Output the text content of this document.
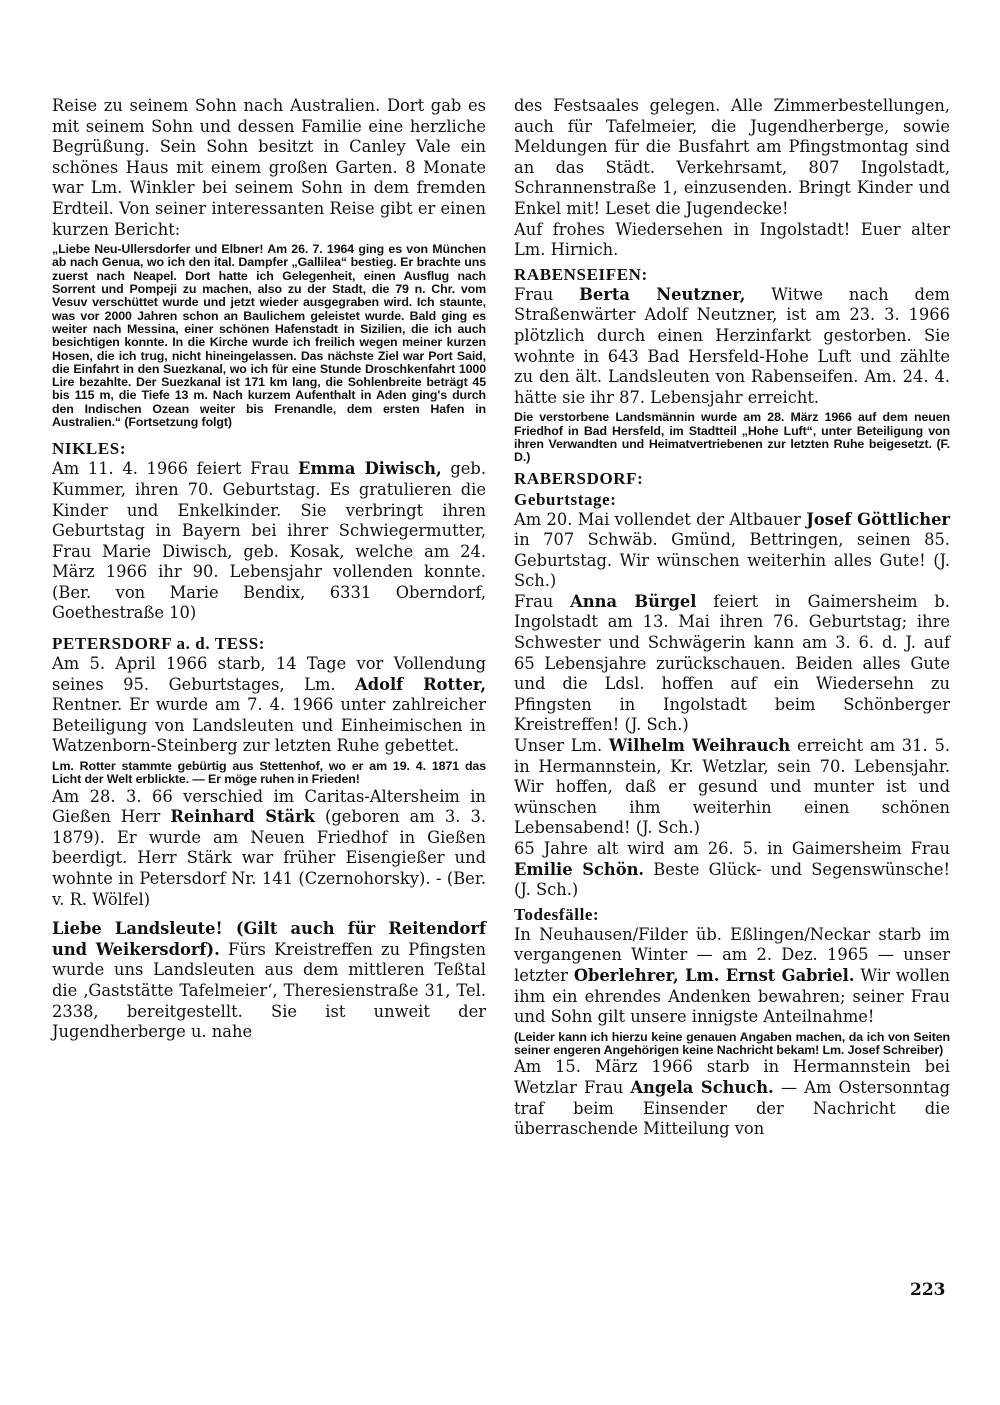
Reise zu seinem Sohn nach Australien. Dort gab es mit seinem Sohn und dessen Familie eine herzliche Begrüßung. Sein Sohn besitzt in Canley Vale ein schönes Haus mit einem großen Garten. 8 Monate war Lm. Winkler bei seinem Sohn in dem fremden Erdteil. Von seiner interessanten Reise gibt er einen kurzen Bericht:

„Liebe Neu-Ullersdorfer und Elbner! Am 26. 7. 1964 ging es von München ab nach Genua, wo ich den ital. Dampfer „Gallilea“ bestieg. Er brachte uns zuerst nach Neapel. Dort hatte ich Gelegenheit, einen Ausflug nach Sorrent und Pompeji zu machen, also zu der Stadt, die 79 n. Chr. vom Vesuv verschüttet wurde und jetzt wieder ausgegraben wird. Ich staunte, was vor 2000 Jahren schon an Baulichem geleistet wurde. Bald ging es weiter nach Messina, einer schönen Hafenstadt in Sizilien, die ich auch besichtigen konnte. In die Kirche wurde ich freilich wegen meiner kurzen Hosen, die ich trug, nicht hineingelassen. Das nächste Ziel war Port Said, die Einfahrt in den Suezkanal, wo ich für eine Stunde Droschkenfahrt 1000 Lire bezahlte. Der Suezkanal ist 171 km lang, die Sohlenbreite beträgt 45 bis 115 m, die Tiefe 13 m. Nach kurzem Aufenthalt in Aden ging's durch den Indischen Ozean weiter bis Frenandle, dem ersten Hafen in Australien.“ (Fortsetzung folgt)

NIKLES:

Am 11. 4. 1966 feiert Frau Emma Diwisch, geb. Kummer, ihren 70. Geburtstag. Es gratulieren die Kinder und Enkelkinder. Sie verbringt ihren Geburtstag in Bayern bei ihrer Schwiegermutter, Frau Marie Diwisch, geb. Kosak, welche am 24. März 1966 ihr 90. Lebensjahr vollenden konnte. (Ber. von Marie Bendix, 6331 Oberndorf, Goethestraße 10)

PETERSDORF a. d. TESS:

Am 5. April 1966 starb, 14 Tage vor Vollendung seines 95. Geburtstages, Lm. Adolf Rotter, Rentner. Er wurde am 7. 4. 1966 unter zahlreicher Beteiligung von Landsleuten und Einheimischen in Watzenborn-Steinberg zur letzten Ruhe gebettet.

Lm. Rotter stammte gebürtig aus Stettenhof, wo er am 19. 4. 1871 das Licht der Welt erblickte. — Er möge ruhen in Frieden!

Am 28. 3. 66 verschied im Caritas-Altersheim in Gießen Herr Reinhard Stärk (geboren am 3. 3. 1879). Er wurde am Neuen Friedhof in Gießen beerdigt. Herr Stärk war früher Eisengießer und wohnte in Petersdorf Nr. 141 (Czernohorsky). - (Ber. v. R. Wölfel)

Liebe Landsleute! (Gilt auch für Reitendorf und Weikersdorf). Fürs Kreistreffen zu Pfingsten wurde uns Landsleuten aus dem mittleren Teßtal die ‚Gaststätte Tafelmeier‘, Theresienstraße 31, Tel. 2338, bereitgestellt. Sie ist unweit der Jugendherberge u. nahe

des Festsaales gelegen. Alle Zimmerbestellungen, auch für Tafelmeier, die Jugendherberge, sowie Meldungen für die Busfahrt am Pfingstmontag sind an das Städt. Verkehrsamt, 807 Ingolstadt, Schrannenstraße 1, einzusenden. Bringt Kinder und Enkel mit! Leset die Jugendecke!

Auf frohes Wiedersehen in Ingolstadt! Euer alter Lm. Hirnich.

RABENSEIFEN:

Frau Berta Neutzner, Witwe nach dem Straßenwärter Adolf Neutzner, ist am 23. 3. 1966 plötzlich durch einen Herzinfarkt gestorben. Sie wohnte in 643 Bad Hersfeld-Hohe Luft und zählte zu den ält. Landsleuten von Rabenseifen. Am. 24. 4. hätte sie ihr 87. Lebensjahr erreicht.

Die verstorbene Landsmännin wurde am 28. März 1966 auf dem neuen Friedhof in Bad Hersfeld, im Stadtteil „Hohe Luft“, unter Beteiligung von ihren Verwandten und Heimatvertriebenen zur letzten Ruhe beigesetzt. (F. D.)

RABERSDORF:
Geburtstage:

Am 20. Mai vollendet der Altbauer Josef Göttlicher in 707 Schwäb. Gmünd, Bettringen, seinen 85. Geburtstag. Wir wünschen weiterhin alles Gute! (J. Sch.)

Frau Anna Bürgel feiert in Gaimersheim b. Ingolstadt am 13. Mai ihren 76. Geburtstag; ihre Schwester und Schwägerin kann am 3. 6. d. J. auf 65 Lebensjahre zurückschauen. Beiden alles Gute und die Ldsl. hoffen auf ein Wiedersehn zu Pfingsten in Ingolstadt beim Schönberger Kreistreffen! (J. Sch.)

Unser Lm. Wilhelm Weihrauch erreicht am 31. 5. in Hermannstein, Kr. Wetzlar, sein 70. Lebensjahr. Wir hoffen, daß er gesund und munter ist und wünschen ihm weiterhin einen schönen Lebensabend! (J. Sch.)

65 Jahre alt wird am 26. 5. in Gaimersheim Frau Emilie Schön. Beste Glück- und Segenswünsche! (J. Sch.)

Todesfälle:

In Neuhausen/Filder üb. Eßlingen/Neckar starb im vergangenen Winter — am 2. Dez. 1965 — unser letzter Oberlehrer, Lm. Ernst Gabriel. Wir wollen ihm ein ehrendes Andenken bewahren; seiner Frau und Sohn gilt unsere innigste Anteilnahme!

(Leider kann ich hierzu keine genauen Angaben machen, da ich von Seiten seiner engeren Angehörigen keine Nachricht bekam! Lm. Josef Schreiber)

Am 15. März 1966 starb in Hermannstein bei Wetzlar Frau Angela Schuch. — Am Ostersonntag traf beim Einsender der Nachricht die überraschende Mitteilung von

223
